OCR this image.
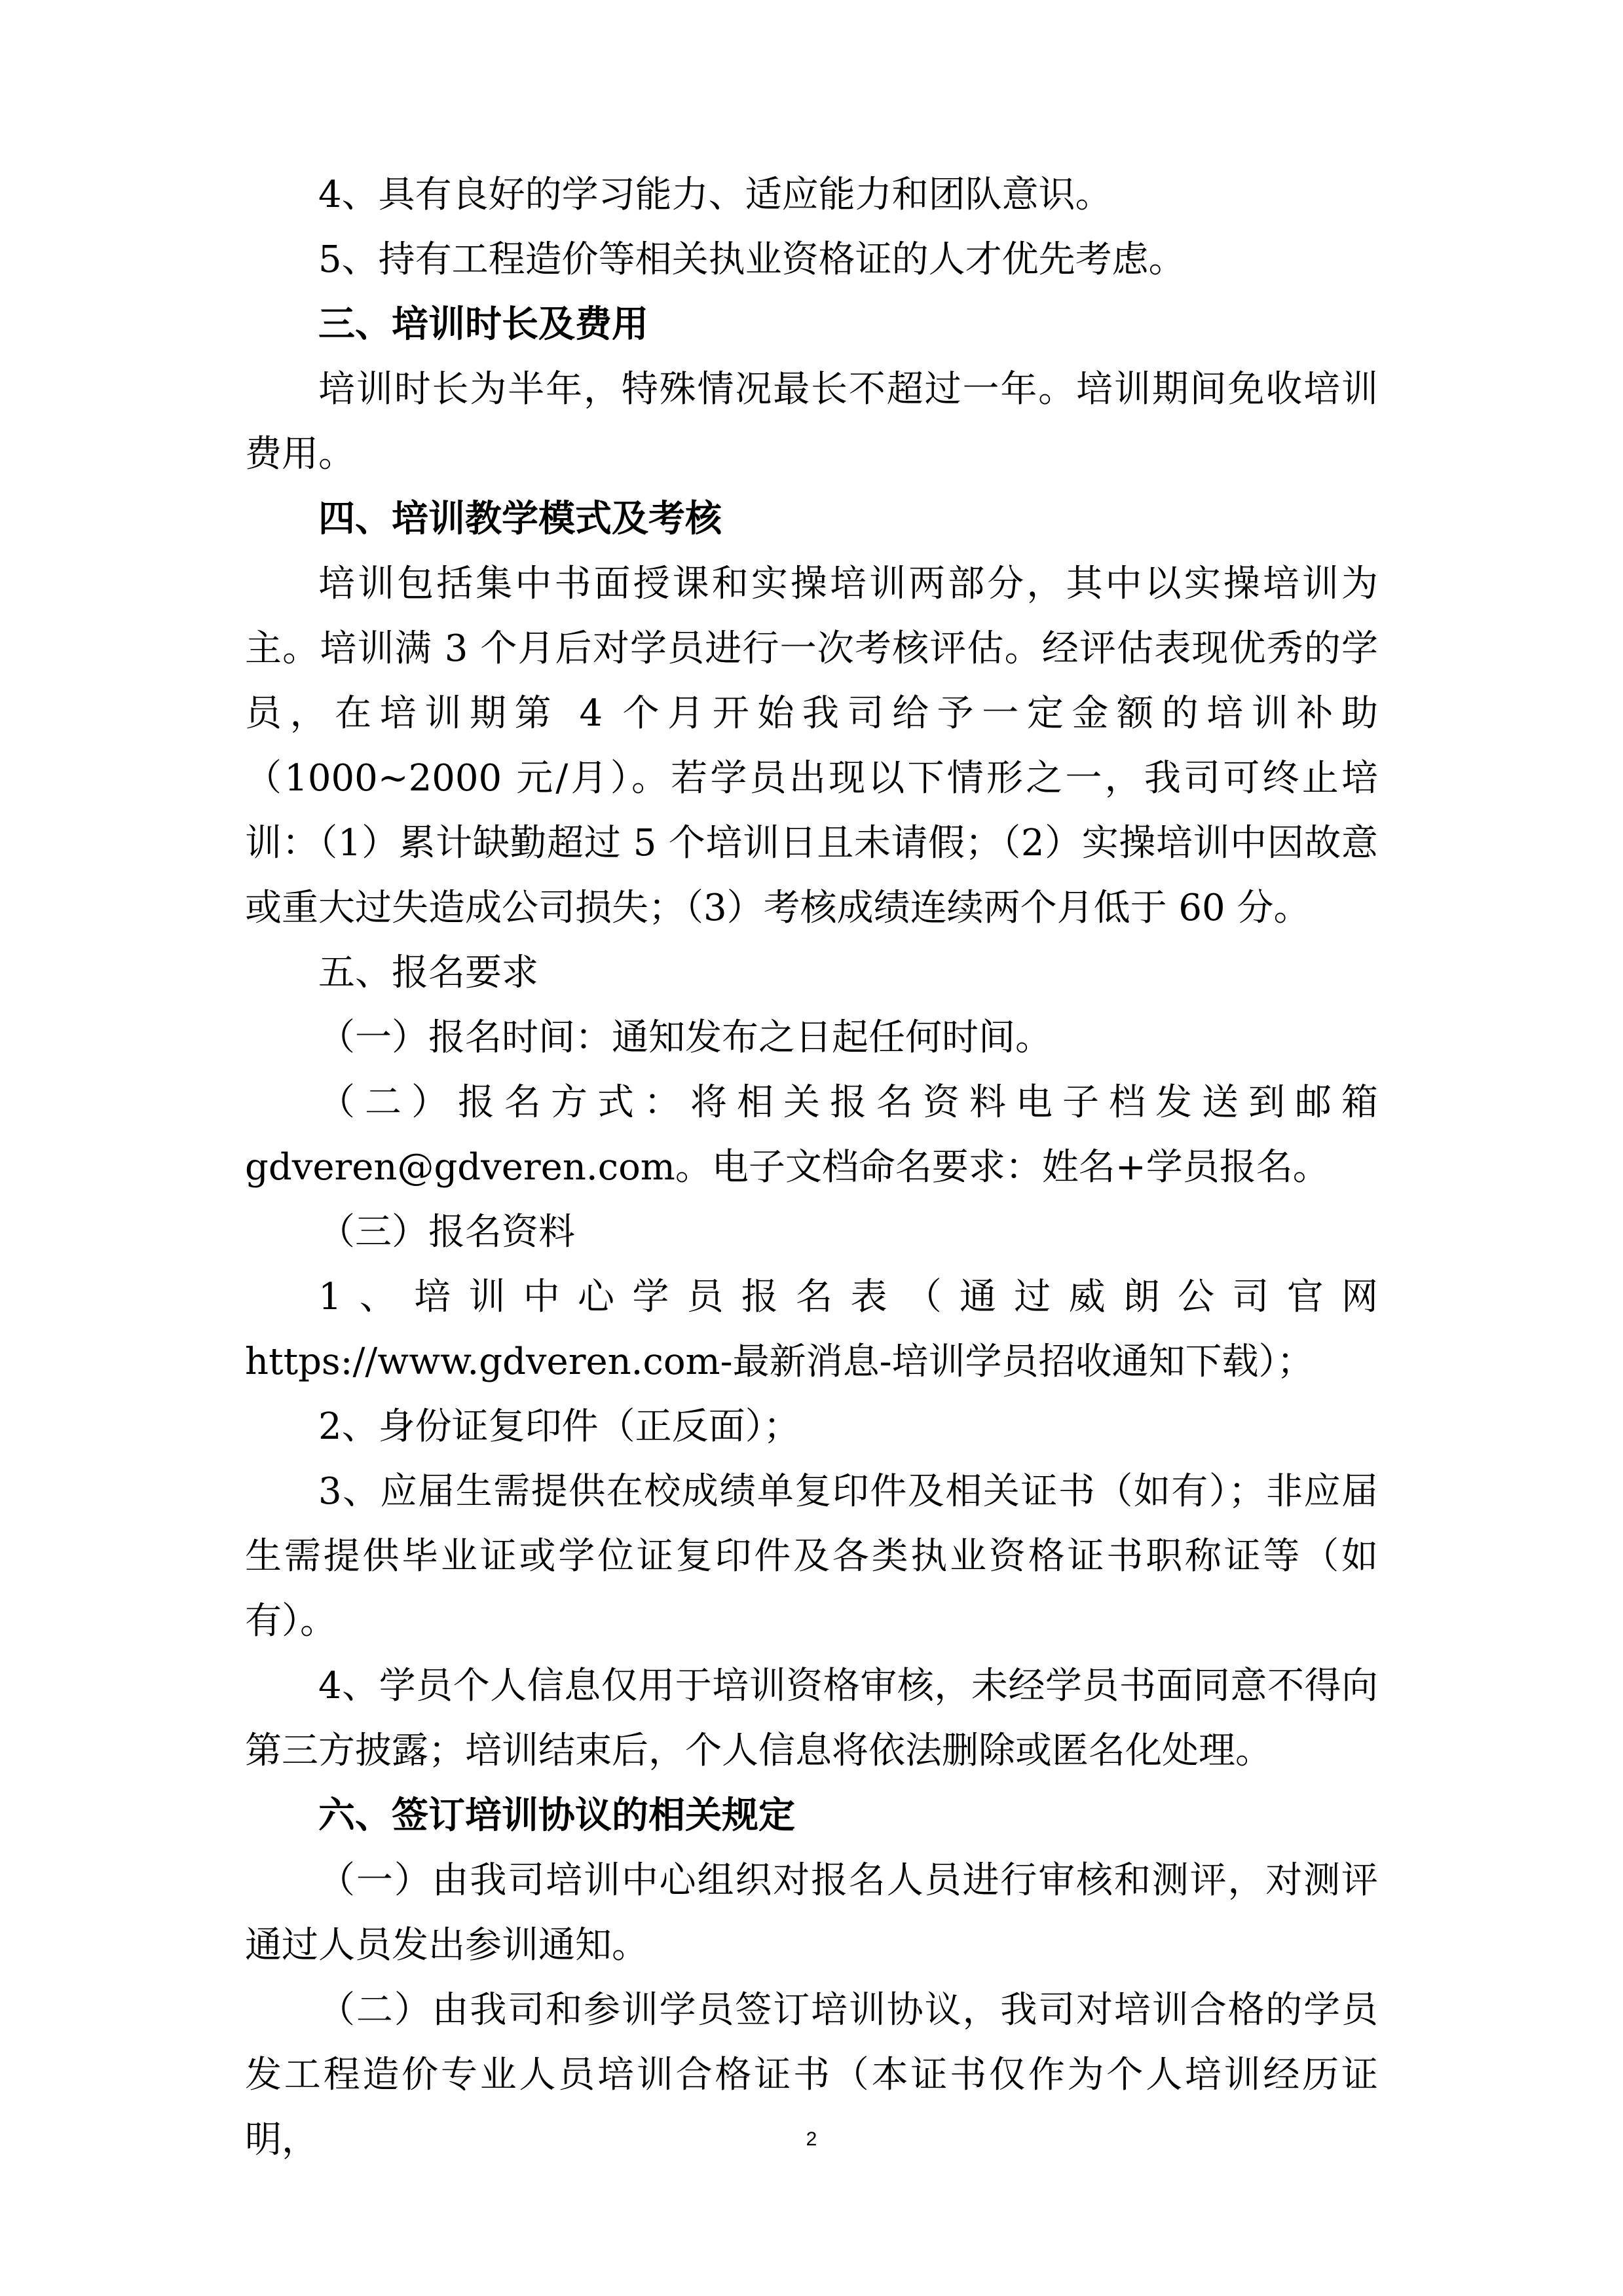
4、具有良好的学习能力、适应能力和团队意识。

5、持有工程造价等相关执业资格证的人才优先考虑。

三、培训时长及费用

培训时长为半年，特殊情况最长不超过一年。培训期间免收培训费用。

四、培训教学模式及考核

培训包括集中书面授课和实操培训两部分，其中以实操培训为主。培训满 3 个月后对学员进行一次考核评估。经评估表现优秀的学员，在培训期第 4 个月开始我司给予一定金额的培训补助（1000~2000 元/月）。若学员出现以下情形之一，我司可终止培训：（1）累计缺勤超过 5 个培训日且未请假；（2）实操培训中因故意或重大过失造成公司损失；（3）考核成绩连续两个月低于 60 分。

五、报名要求

（一）报名时间：通知发布之日起任何时间。

（二）报名方式：将相关报名资料电子档发送到邮箱

gdveren@gdveren.com。电子文档命名要求：姓名+学员报名。

（三）报名资料

1、培训中心学员报名表（通过威朗公司官网

https://www.gdveren.com-最新消息-培训学员招收通知下载）；

2、身份证复印件（正反面）；

3、应届生需提供在校成绩单复印件及相关证书（如有）；非应届生需提供毕业证或学位证复印件及各类执业资格证书职称证等（如有）。

4、学员个人信息仅用于培训资格审核，未经学员书面同意不得向第三方披露；培训结束后，个人信息将依法删除或匿名化处理。

六、签订培训协议的相关规定

（一）由我司培训中心组织对报名人员进行审核和测评，对测评通过人员发出参训通知。

（二）由我司和参训学员签订培训协议，我司对培训合格的学员发工程造价专业人员培训合格证书（本证书仅作为个人培训经历证明，	2
